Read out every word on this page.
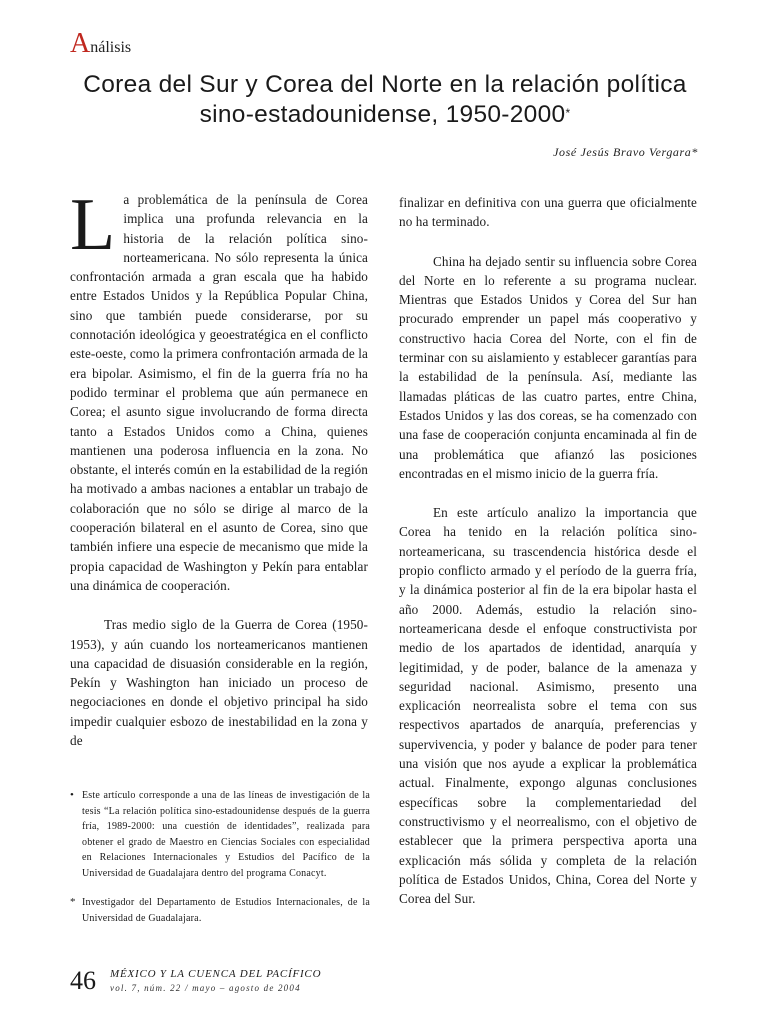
Análisis
Corea del Sur y Corea del Norte en la relación política
sino-estadounidense, 1950-2000*
José Jesús Bravo Vergara*

La problemática de la península de Corea implica una profunda relevancia en la historia de la relación política sino-norteamericana. No sólo representa la única confrontación armada a gran escala que ha habido entre Estados Unidos y la República Popular China, sino que también puede considerarse, por su connotación ideológica y geoestratégica en el conflicto este-oeste, como la primera confrontación armada de la era bipolar. Asimismo, el fin de la guerra fría no ha podido terminar el problema que aún permanece en Corea; el asunto sigue involucrando de forma directa tanto a Estados Unidos como a China, quienes mantienen una poderosa influencia en la zona. No obstante, el interés común en la estabilidad de la región ha motivado a ambas naciones a entablar un trabajo de colaboración que no sólo se dirige al marco de la cooperación bilateral en el asunto de Corea, sino que también infiere una especie de mecanismo que mide la propia capacidad de Washington y Pekín para entablar una dinámica de cooperación.

Tras medio siglo de la Guerra de Corea (1950-1953), y aún cuando los norteamericanos mantienen una capacidad de disuasión considerable en la región, Pekín y Washington han iniciado un proceso de negociaciones en donde el objetivo principal ha sido impedir cualquier esbozo de inestabilidad en la zona y de

finalizar en definitiva con una guerra que oficialmente no ha terminado.

China ha dejado sentir su influencia sobre Corea del Norte en lo referente a su programa nuclear. Mientras que Estados Unidos y Corea del Sur han procurado emprender un papel más cooperativo y constructivo hacia Corea del Norte, con el fin de terminar con su aislamiento y establecer garantías para la estabilidad de la península. Así, mediante las llamadas pláticas de las cuatro partes, entre China, Estados Unidos y las dos coreas, se ha comenzado con una fase de cooperación conjunta encaminada al fin de una problemática que afianzó las posiciones encontradas en el mismo inicio de la guerra fría.

En este artículo analizo la importancia que Corea ha tenido en la relación política sino-norteamericana, su trascendencia histórica desde el propio conflicto armado y el período de la guerra fría, y la dinámica posterior al fin de la era bipolar hasta el año 2000. Además, estudio la relación sino-norteamericana desde el enfoque constructivista por medio de los apartados de identidad, anarquía y legitimidad, y de poder, balance de la amenaza y seguridad nacional. Asimismo, presento una explicación neorrealista sobre el tema con sus respectivos apartados de anarquía, preferencias y supervivencia, y poder y balance de poder para tener una visión que nos ayude a explicar la problemática actual. Finalmente, expongo algunas conclusiones específicas sobre la complementariedad del constructivismo y el neorrealismo, con el objetivo de establecer que la primera perspectiva aporta una explicación más sólida y completa de la relación política de Estados Unidos, China, Corea del Norte y Corea del Sur.

• Este artículo corresponde a una de las líneas de investigación de la tesis “La relación política sino-estadounidense después de la guerra fría, 1989-2000: una cuestión de identidades”, realizada para obtener el grado de Maestro en Ciencias Sociales con especialidad en Relaciones Internacionales y Estudios del Pacífico de la Universidad de Guadalajara dentro del programa Conacyt.

* Investigador del Departamento de Estudios Internacionales, de la Universidad de Guadalajara.

46 MÉXICO Y LA CUENCA DEL PACÍFICO
vol. 7, núm. 22 / mayo – agosto de 2004
